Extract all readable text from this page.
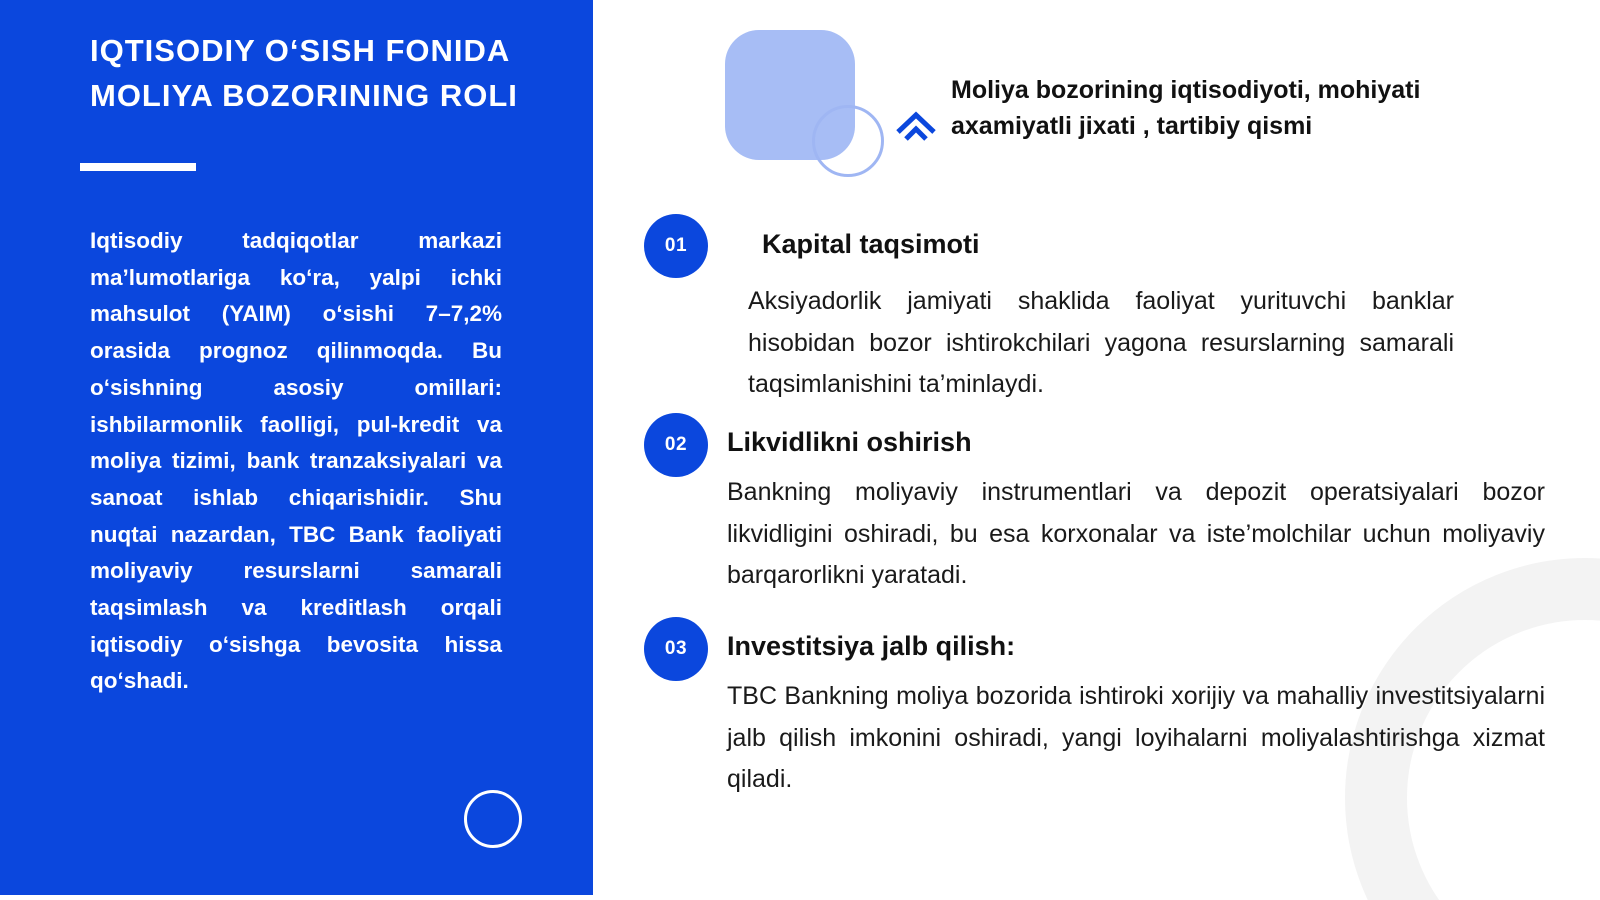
IQTISODIY O‘SISH FONIDA MOLIYA BOZORINING ROLI

Iqtisodiy tadqiqotlar markazi ma’lumotlariga ko‘ra, yalpi ichki mahsulot (YAIM) o‘sishi 7–7,2% orasida prognoz qilinmoqda. Bu o‘sishning asosiy omillari: ishbilarmonlik faolligi, pul-kredit va moliya tizimi, bank tranzaksiyalari va sanoat ishlab chiqarishidir. Shu nuqtai nazardan, TBC Bank faoliyati moliyaviy resurslarni samarali taqsimlash va kreditlash orqali iqtisodiy o‘sishga bevosita hissa qo‘shadi.

Moliya bozorining iqtisodiyoti, mohiyati axamiyatli jixati , tartibiy qismi

01	Kapital taqsimoti

Aksiyadorlik jamiyati shaklida faoliyat yurituvchi banklar hisobidan bozor ishtirokchilari yagona resurslarning samarali taqsimlanishini ta’minlaydi.

02	Likvidlikni oshirish

Bankning moliyaviy instrumentlari va depozit operatsiyalari bozor likvidligini oshiradi, bu esa korxonalar va iste’molchilar uchun moliyaviy barqarorlikni yaratadi.

03	Investitsiya jalb qilish:

TBC Bankning moliya bozorida ishtiroki xorijiy va mahalliy investitsiyalarni jalb qilish imkonini oshiradi, yangi loyihalarni moliyalashtirishga xizmat qiladi.
